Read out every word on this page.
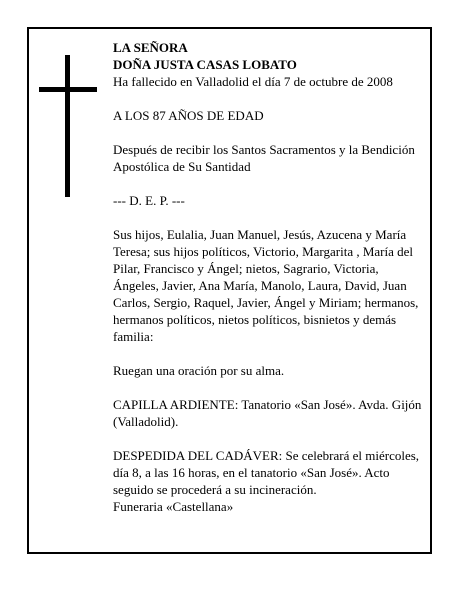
LA SEÑORA
DOÑA JUSTA CASAS LOBATO
Ha fallecido en Valladolid el día 7 de octubre de 2008

A LOS 87 AÑOS DE EDAD

Después de recibir los Santos Sacramentos y la Bendición Apostólica de Su Santidad

--- D. E. P. ---

Sus hijos, Eulalia, Juan Manuel, Jesús, Azucena y María Teresa; sus hijos políticos, Victorio, Margarita , María del Pilar, Francisco y Ángel; nietos, Sagrario, Victoria, Ángeles, Javier, Ana María, Manolo, Laura, David, Juan Carlos, Sergio, Raquel, Javier, Ángel y Miriam; hermanos, hermanos políticos, nietos políticos, bisnietos y demás familia:

Ruegan una oración por su alma.

CAPILLA ARDIENTE: Tanatorio «San José». Avda. Gijón (Valladolid).

DESPEDIDA DEL CADÁVER: Se celebrará el miércoles, día 8, a las 16 horas, en el tanatorio «San José». Acto seguido se procederá a su incineración.

Funeraria «Castellana»
